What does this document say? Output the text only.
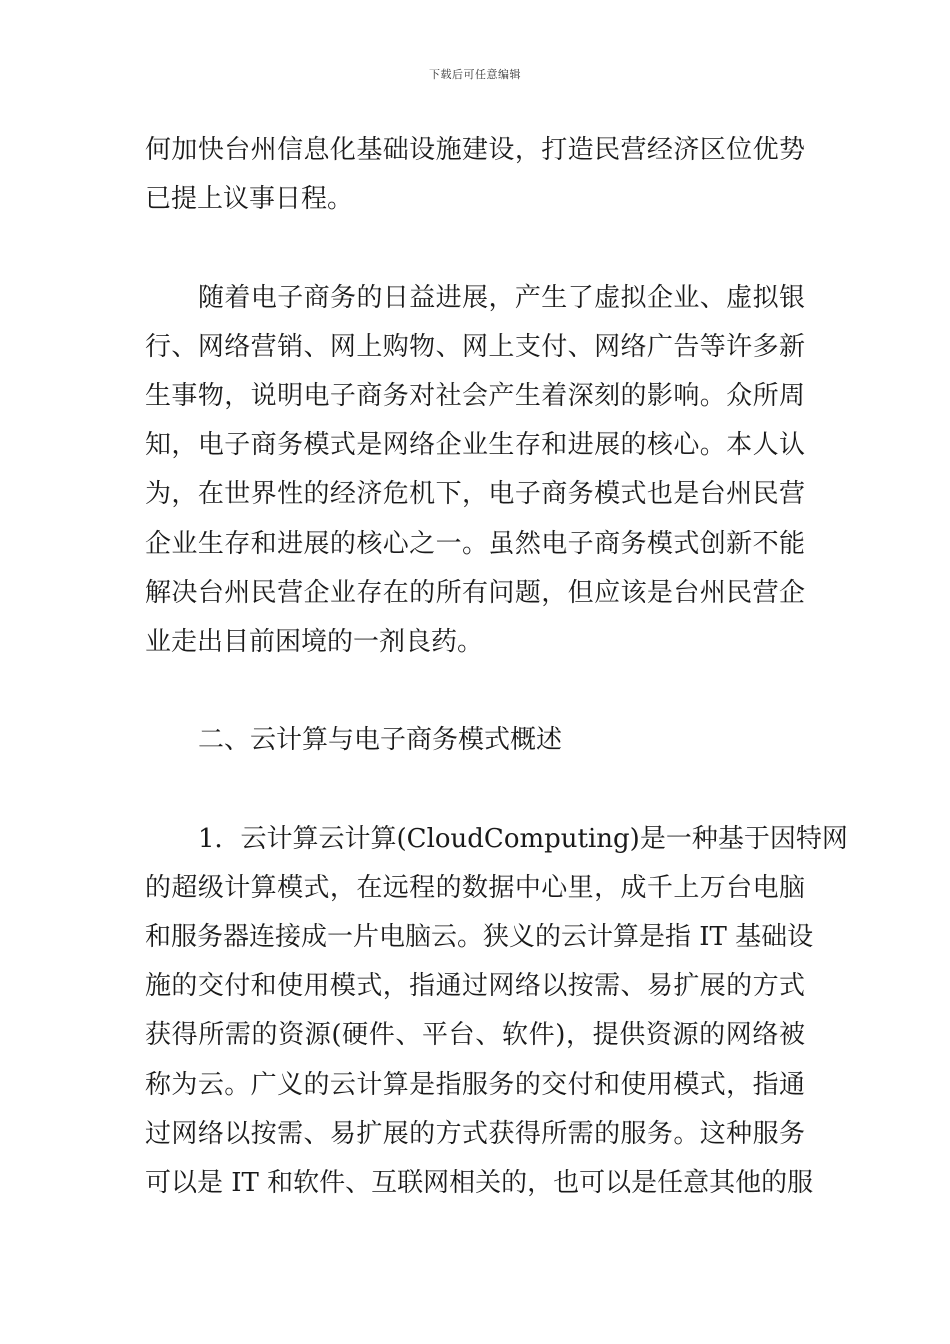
下载后可任意编辑
何加快台州信息化基础设施建设，打造民营经济区位优势
已提上议事日程。
随着电子商务的日益进展，产生了虚拟企业、虚拟银
行、网络营销、网上购物、网上支付、网络广告等许多新
生事物，说明电子商务对社会产生着深刻的影响。众所周
知，电子商务模式是网络企业生存和进展的核心。本人认
为，在世界性的经济危机下，电子商务模式也是台州民营
企业生存和进展的核心之一。虽然电子商务模式创新不能
解决台州民营企业存在的所有问题，但应该是台州民营企
业走出目前困境的一剂良药。
二、云计算与电子商务模式概述
1．云计算云计算(CloudComputing)是一种基于因特网
的超级计算模式，在远程的数据中心里，成千上万台电脑
和服务器连接成一片电脑云。狭义的云计算是指 IT 基础设
施的交付和使用模式，指通过网络以按需、易扩展的方式
获得所需的资源(硬件、平台、软件)，提供资源的网络被
称为云。广义的云计算是指服务的交付和使用模式，指通
过网络以按需、易扩展的方式获得所需的服务。这种服务
可以是 IT 和软件、互联网相关的，也可以是任意其他的服
